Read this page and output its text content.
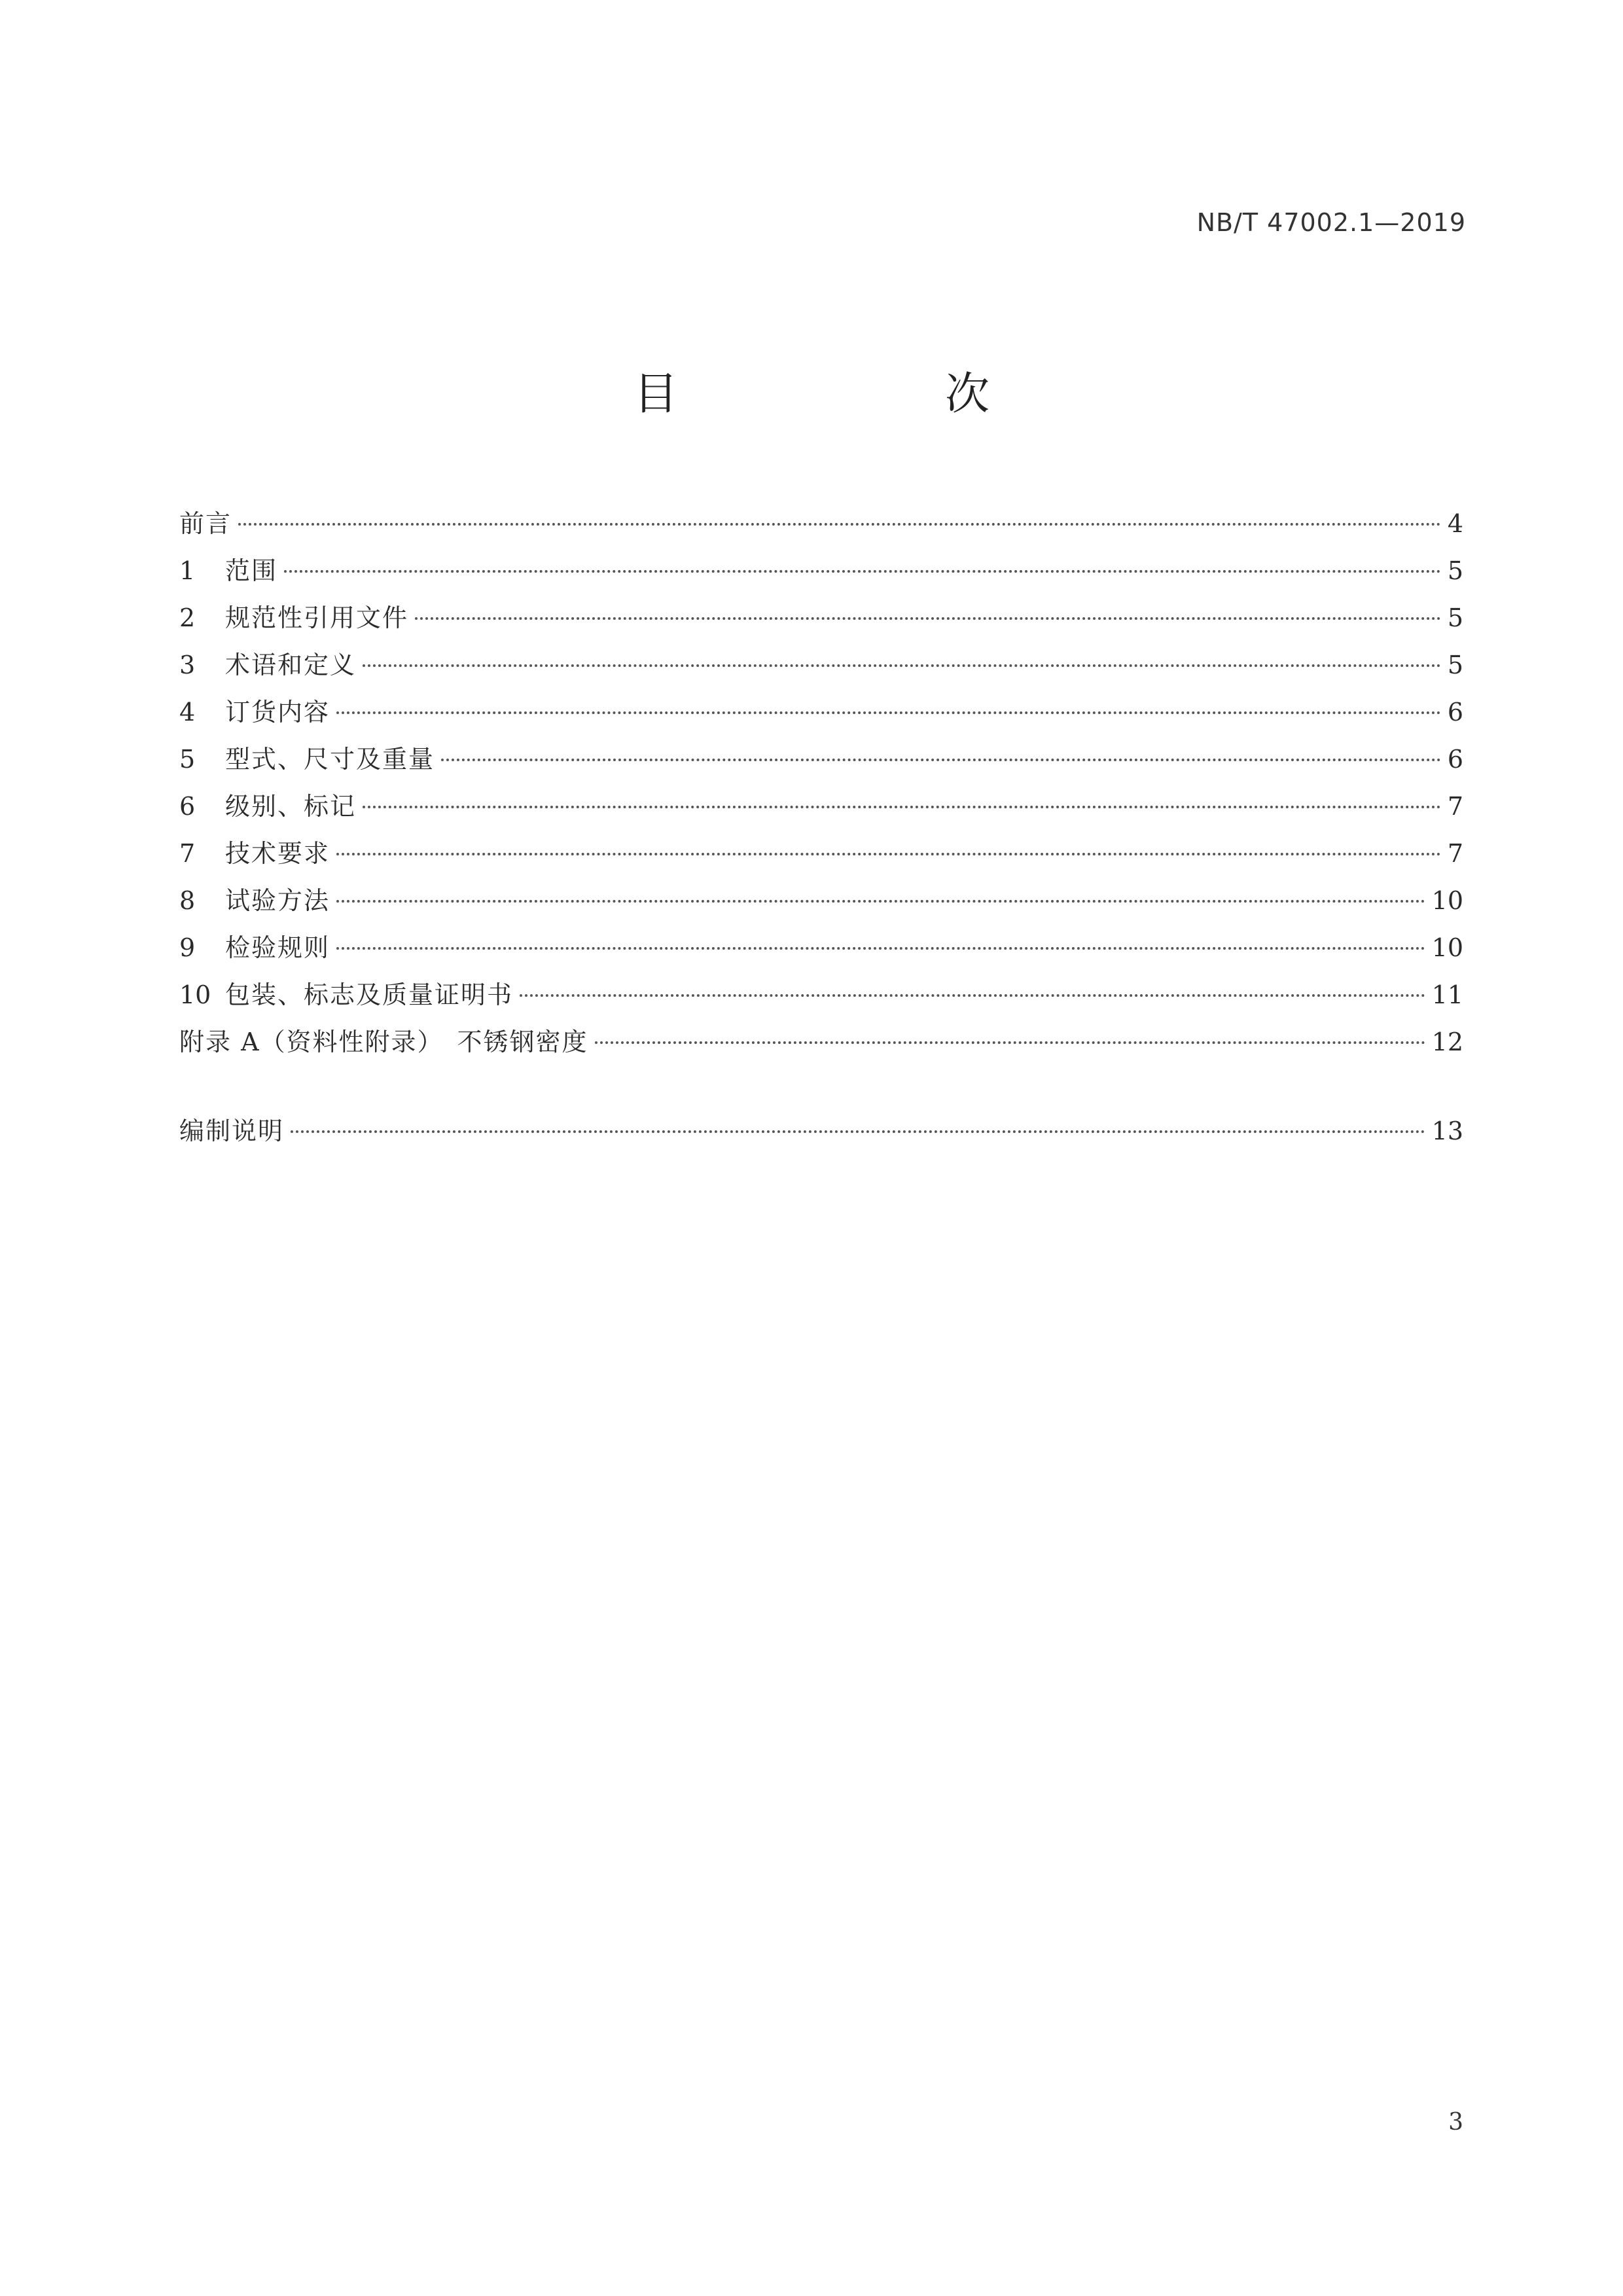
NB/T 47002.1—2019
目　次
前言	4
1	范围	5
2	规范性引用文件	5
3	术语和定义	5
4	订货内容	6
5	型式、尺寸及重量	6
6	级别、标记	7
7	技术要求	7
8	试验方法	10
9	检验规则	10
10 包装、标志及质量证明书	11
附录 A（资料性附录）　不锈钢密度	12
编制说明	13
3
